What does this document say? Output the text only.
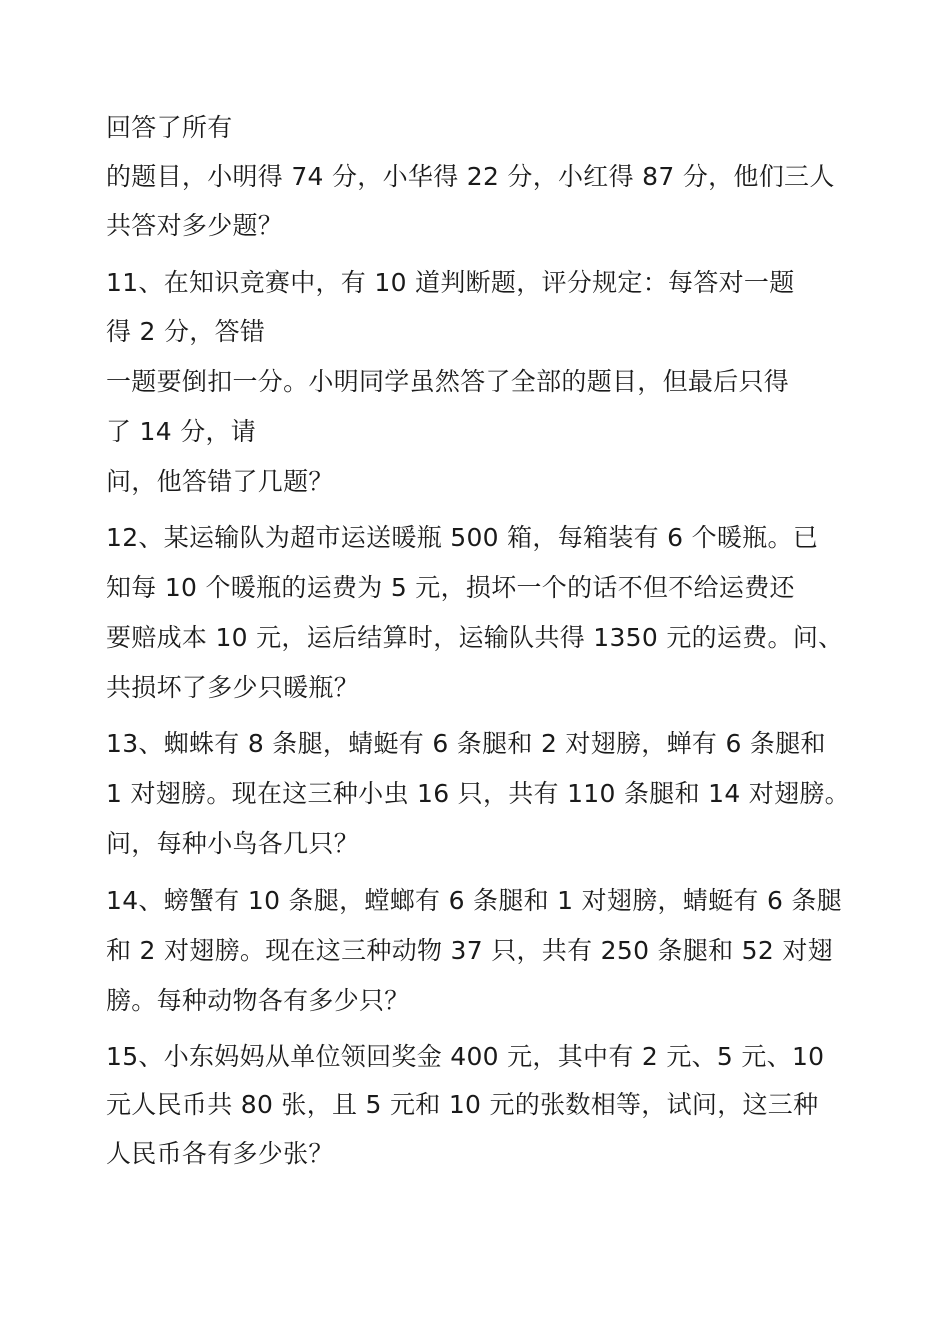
回答了所有
的题目，小明得 74 分，小华得 22 分，小红得 87 分，他们三人
共答对多少题？
11、在知识竞赛中，有 10 道判断题，评分规定：每答对一题
得 2 分，答错
一题要倒扣一分。小明同学虽然答了全部的题目，但最后只得
了 14 分，请
问，他答错了几题？
12、某运输队为超市运送暖瓶 500 箱，每箱装有 6 个暖瓶。已
知每 10 个暖瓶的运费为 5 元，损坏一个的话不但不给运费还
要赔成本 10 元，运后结算时，运输队共得 1350 元的运费。问、
共损坏了多少只暖瓶？
13、蜘蛛有 8 条腿，蜻蜓有 6 条腿和 2 对翅膀，蝉有 6 条腿和
1 对翅膀。现在这三种小虫 16 只，共有 110 条腿和 14 对翅膀。
问，每种小鸟各几只？
14、螃蟹有 10 条腿，螳螂有 6 条腿和 1 对翅膀，蜻蜓有 6 条腿
和 2 对翅膀。现在这三种动物 37 只，共有 250 条腿和 52 对翅
膀。每种动物各有多少只？
15、小东妈妈从单位领回奖金 400 元，其中有 2 元、5 元、10
元人民币共 80 张，且 5 元和 10 元的张数相等，试问，这三种
人民币各有多少张？
